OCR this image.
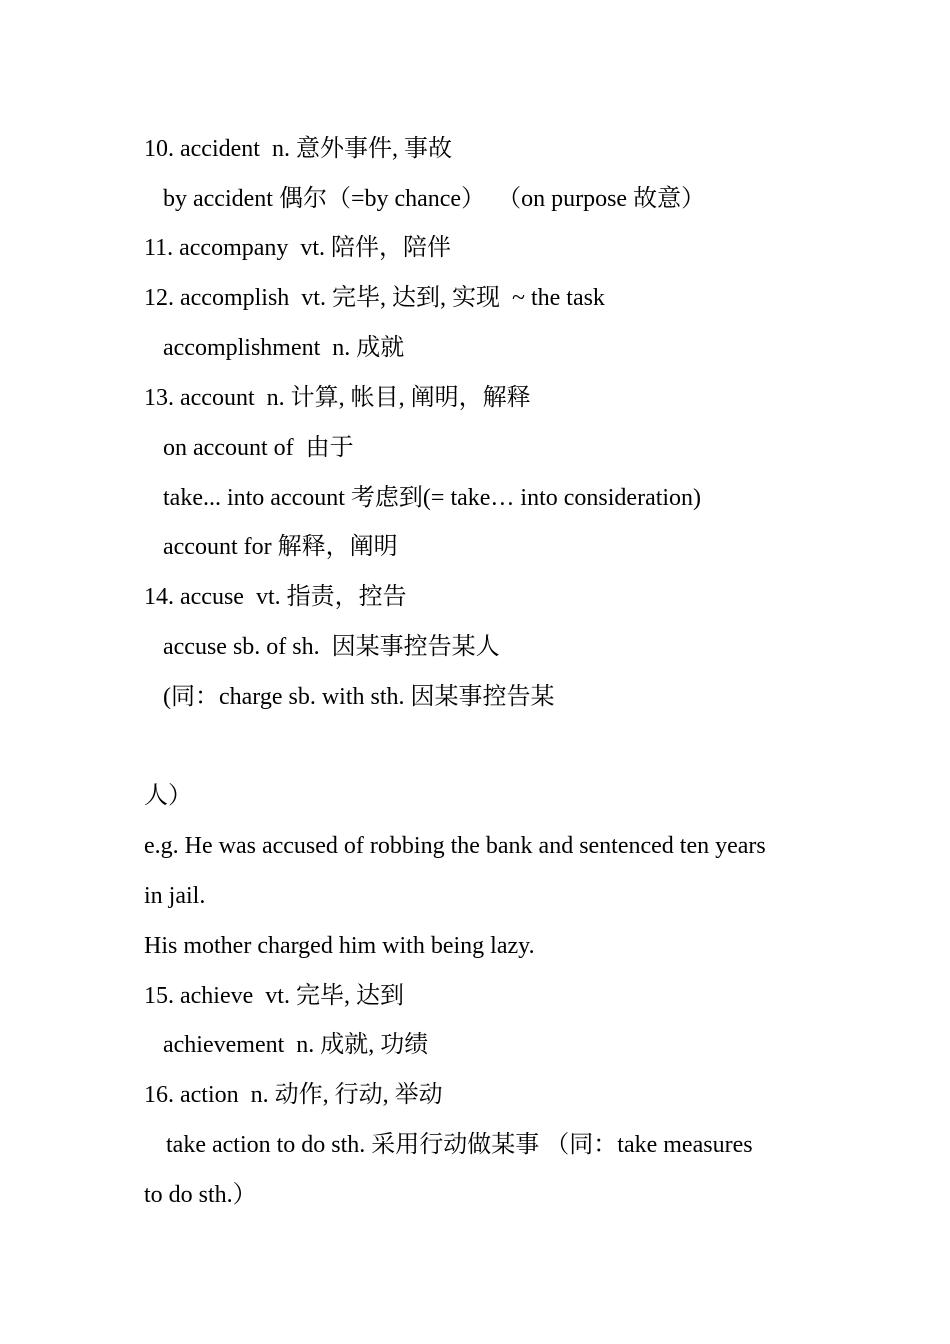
10. accident  n. 意外事件, 事故
by accident 偶尔（=by chance）  （on purpose 故意）
11. accompany  vt. 陪伴，陪伴
12. accomplish  vt. 完毕, 达到, 实现  ~ the task
accomplishment  n. 成就
13. account  n. 计算, 帐目, 阐明，解释
on account of  由于
take... into account 考虑到(= take… into consideration)
account for 解释，阐明
14. accuse  vt. 指责，控告
accuse sb. of sh.  因某事控告某人
(同：charge sb. with sth. 因某事控告某
人）
e.g. He was accused of robbing the bank and sentenced ten years
in jail.
His mother charged him with being lazy.
15. achieve  vt. 完毕, 达到
achievement  n. 成就, 功绩
16. action  n. 动作, 行动, 举动
take action to do sth. 采用行动做某事 （同：take measures
to do sth.）
